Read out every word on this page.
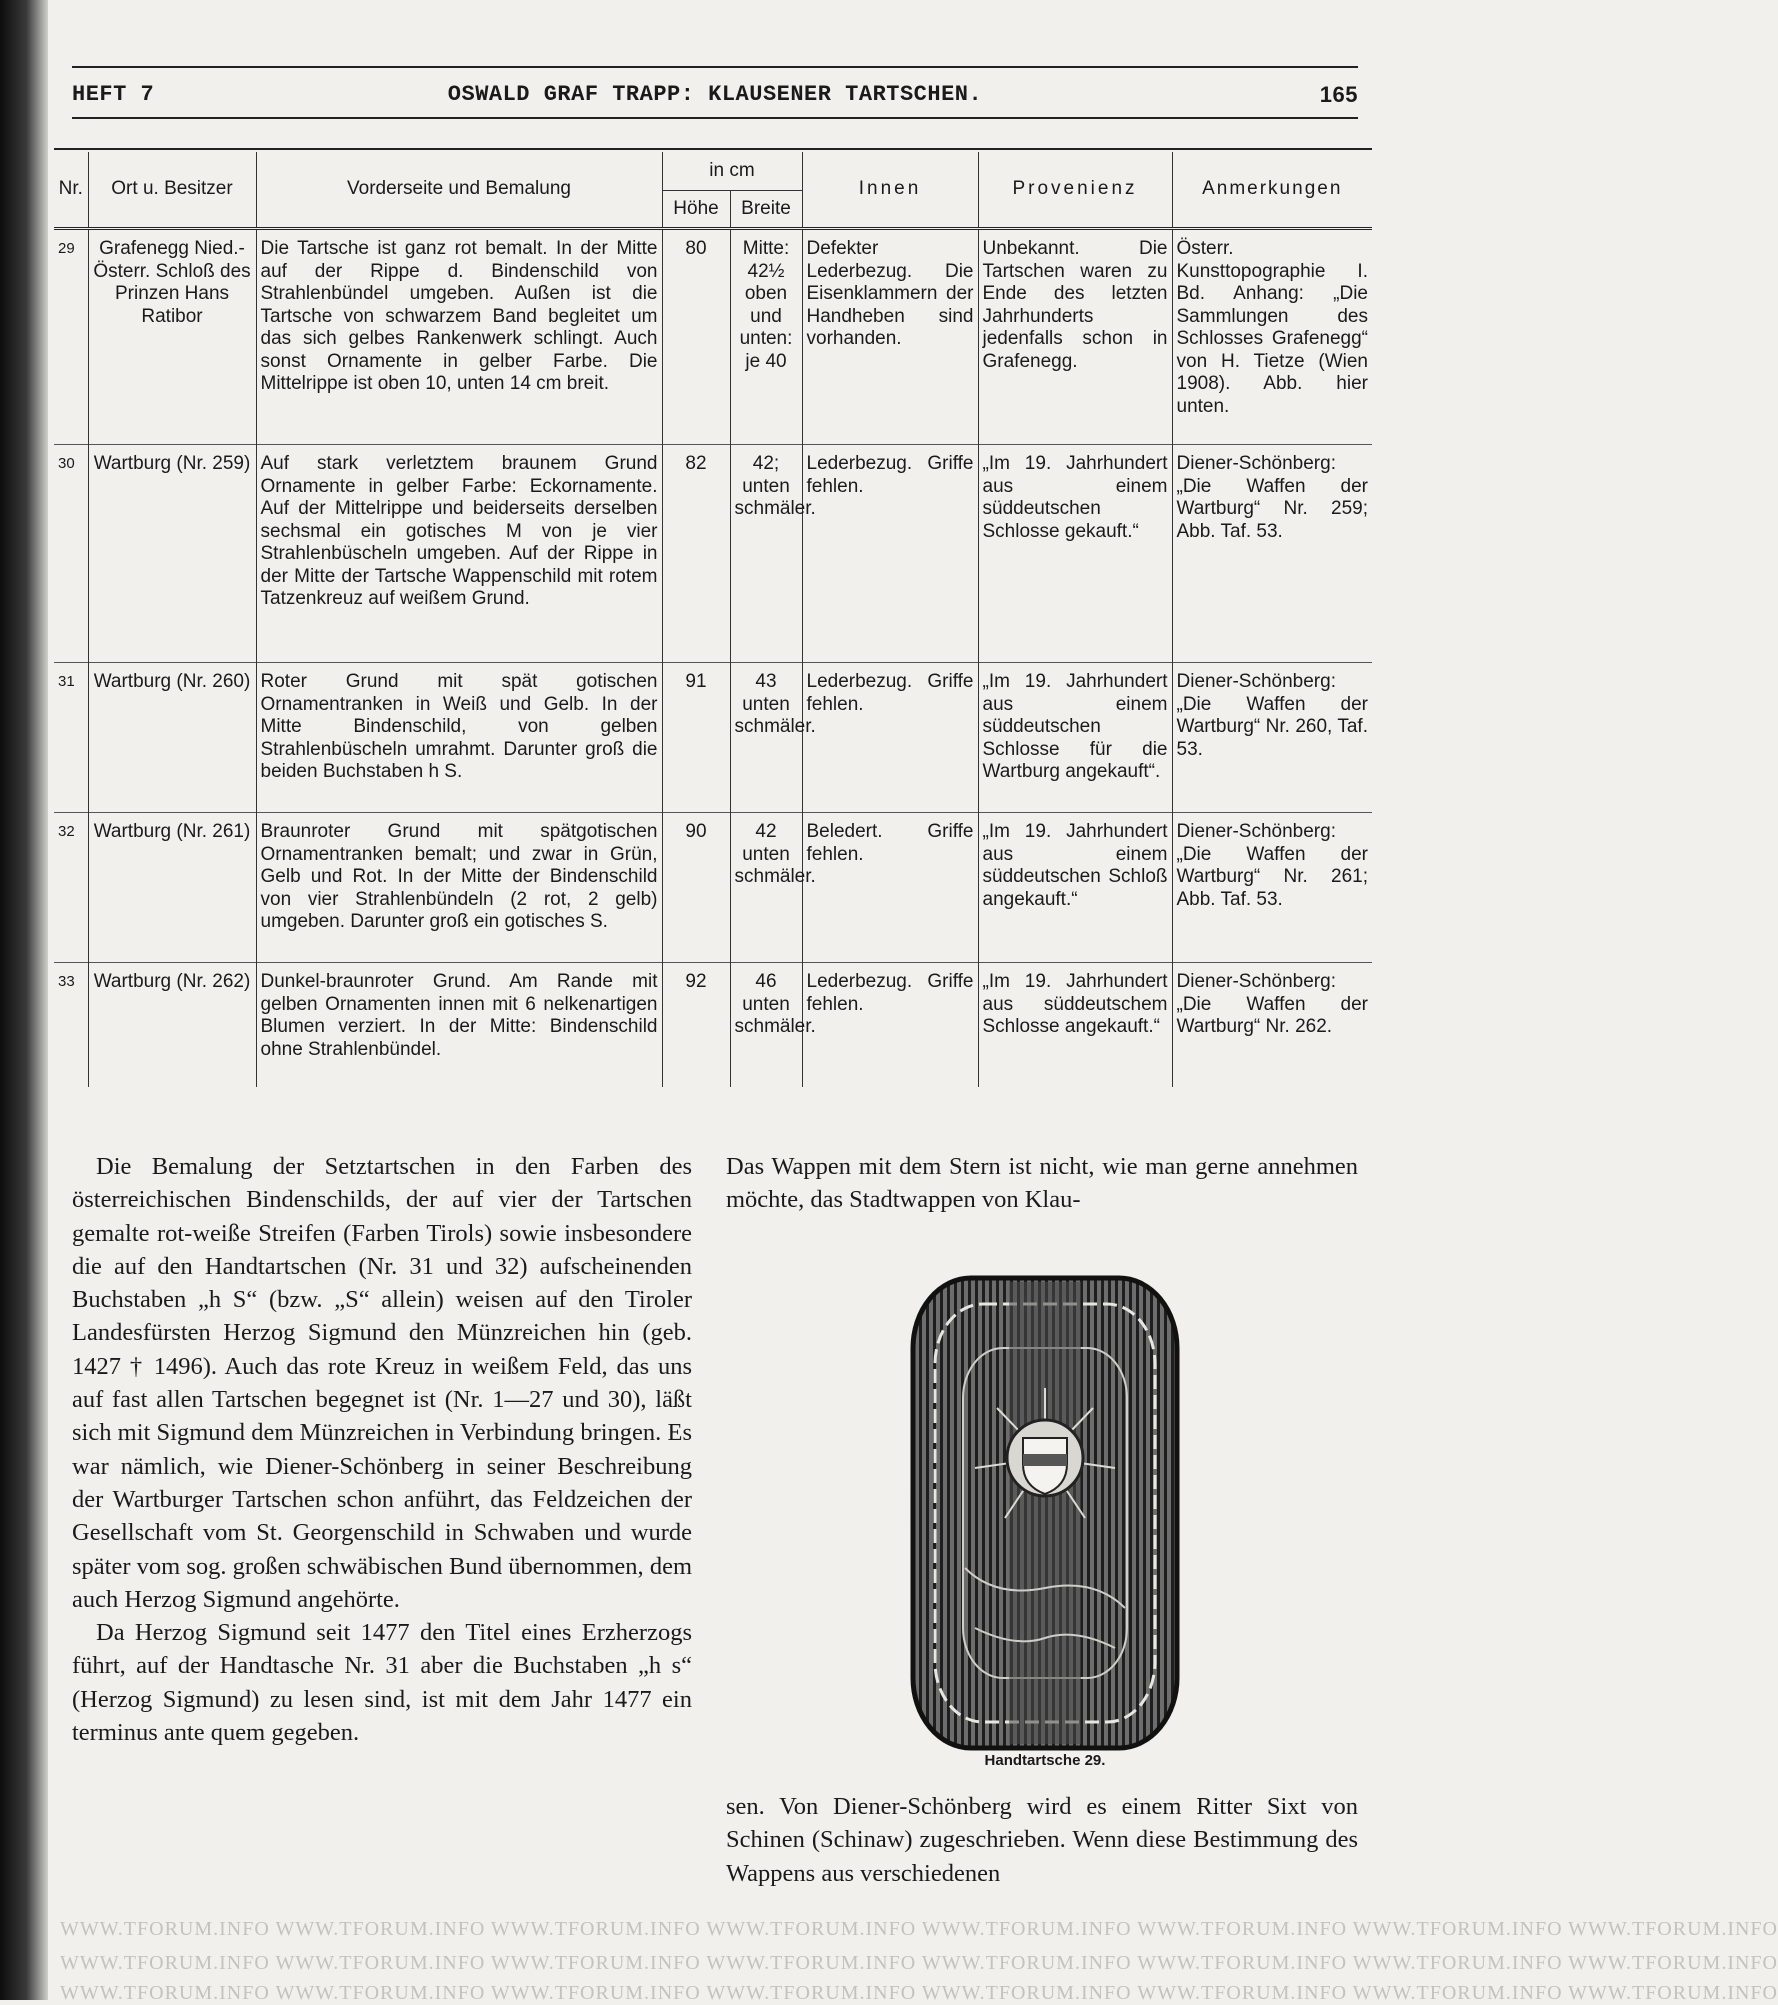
HEFT 7	OSWALD GRAF TRAPP: KLAUSENER TARTSCHEN.	165
Nr.	Ort u. Besitzer	Vorderseite und Bemalung	in cm		Innen	Provenienz	Anmerkungen
			Höhe	Breite			
29	Grafenegg Nied.-Österr. Schloß des Prinzen Hans Ratibor	Die Tartsche ist ganz rot bemalt. In der Mitte auf der Rippe d. Bindenschild von Strahlenbündel umgeben. Außen ist die Tartsche von schwarzem Band begleitet um das sich gelbes Rankenwerk schlingt. Auch sonst Ornamente in gelber Farbe. Die Mittelrippe ist oben 10, unten 14 cm breit.	80	Mitte: 42½ oben und unten: je 40	Defekter Lederbezug. Die Eisenklammern der Handheben sind vorhanden.	Unbekannt. Die Tartschen waren zu Ende des letzten Jahrhunderts jedenfalls schon in Grafenegg.	Österr. Kunsttopographie I. Bd. Anhang: „Die Sammlungen des Schlosses Grafenegg“ von H. Tietze (Wien 1908). Abb. hier unten.
30	Wartburg (Nr. 259)	Auf stark verletztem braunem Grund Ornamente in gelber Farbe: Eckornamente. Auf der Mittelrippe und beiderseits derselben sechsmal ein gotisches M von je vier Strahlenbüscheln umgeben. Auf der Rippe in der Mitte der Tartsche Wappenschild mit rotem Tatzenkreuz auf weißem Grund.	82	42; unten schmäler.	Lederbezug. Griffe fehlen.	„Im 19. Jahrhundert aus einem süddeutschen Schlosse gekauft.“	Diener-Schönberg: „Die Waffen der Wartburg“ Nr. 259; Abb. Taf. 53.
31	Wartburg (Nr. 260)	Roter Grund mit spät gotischen Ornamentranken in Weiß und Gelb. In der Mitte Bindenschild, von gelben Strahlenbüscheln umrahmt. Darunter groß die beiden Buchstaben h S.	91	43 unten schmäler.	Lederbezug. Griffe fehlen.	„Im 19. Jahrhundert aus einem süddeutschen Schlosse für die Wartburg angekauft“.	Diener-Schönberg: „Die Waffen der Wartburg“ Nr. 260, Taf. 53.
32	Wartburg (Nr. 261)	Braunroter Grund mit spätgotischen Ornamentranken bemalt; und zwar in Grün, Gelb und Rot. In der Mitte der Bindenschild von vier Strahlenbündeln (2 rot, 2 gelb) umgeben. Darunter groß ein gotisches S.	90	42 unten schmäler.	Beledert. Griffe fehlen.	„Im 19. Jahrhundert aus einem süddeutschen Schloß angekauft.“	Diener-Schönberg: „Die Waffen der Wartburg“ Nr. 261; Abb. Taf. 53.
33	Wartburg (Nr. 262)	Dunkel-braunroter Grund. Am Rande mit gelben Ornamenten innen mit 6 nelkenartigen Blumen verziert. In der Mitte: Bindenschild ohne Strahlenbündel.	92	46 unten schmäler.	Lederbezug. Griffe fehlen.	„Im 19. Jahrhundert aus süddeutschem Schlosse angekauft.“	Diener-Schönberg: „Die Waffen der Wartburg“ Nr. 262.

Die Bemalung der Setztartschen in den Farben des österreichischen Bindenschilds, der auf vier der Tartschen gemalte rot-weiße Streifen (Farben Tirols) sowie insbesondere die auf den Handtartschen (Nr. 31 und 32) aufscheinenden Buchstaben „h S“ (bzw. „S“ allein) weisen auf den Tiroler Landesfürsten Herzog Sigmund den Münzreichen hin (geb. 1427 † 1496). Auch das rote Kreuz in weißem Feld, das uns auf fast allen Tartschen begegnet ist (Nr. 1—27 und 30), läßt sich mit Sigmund dem Münzreichen in Verbindung bringen. Es war nämlich, wie Diener-Schönberg in seiner Beschreibung der Wartburger Tartschen schon anführt, das Feldzeichen der Gesellschaft vom St. Georgenschild in Schwaben und wurde später vom sog. großen schwäbischen Bund übernommen, dem auch Herzog Sigmund angehörte.

Da Herzog Sigmund seit 1477 den Titel eines Erzherzogs führt, auf der Handtasche Nr. 31 aber die Buchstaben „h s“ (Herzog Sigmund) zu lesen sind, ist mit dem Jahr 1477 ein terminus ante quem gegeben.

Das Wappen mit dem Stern ist nicht, wie man gerne annehmen möchte, das Stadtwappen von Klau-
Handtartsche 29.
sen. Von Diener-Schönberg wird es einem Ritter Sixt von Schinen (Schinaw) zugeschrieben. Wenn diese Bestimmung des Wappens aus verschiedenen
WWW.TFORUM.INFO WWW.TFORUM.INFO WWW.TFORUM.INFO WWW.TFORUM.INFO WWW.TFORUM.INFO WWW.TFORUM.INFO WWW.TFORUM.INFO WWW.TFORUM.INFO
WWW.TFORUM.INFO WWW.TFORUM.INFO WWW.TFORUM.INFO WWW.TFORUM.INFO WWW.TFORUM.INFO WWW.TFORUM.INFO WWW.TFORUM.INFO WWW.TFORUM.INFO
WWW.TFORUM.INFO WWW.TFORUM.INFO WWW.TFORUM.INFO WWW.TFORUM.INFO WWW.TFORUM.INFO WWW.TFORUM.INFO WWW.TFORUM.INFO WWW.TFORUM.INFO
